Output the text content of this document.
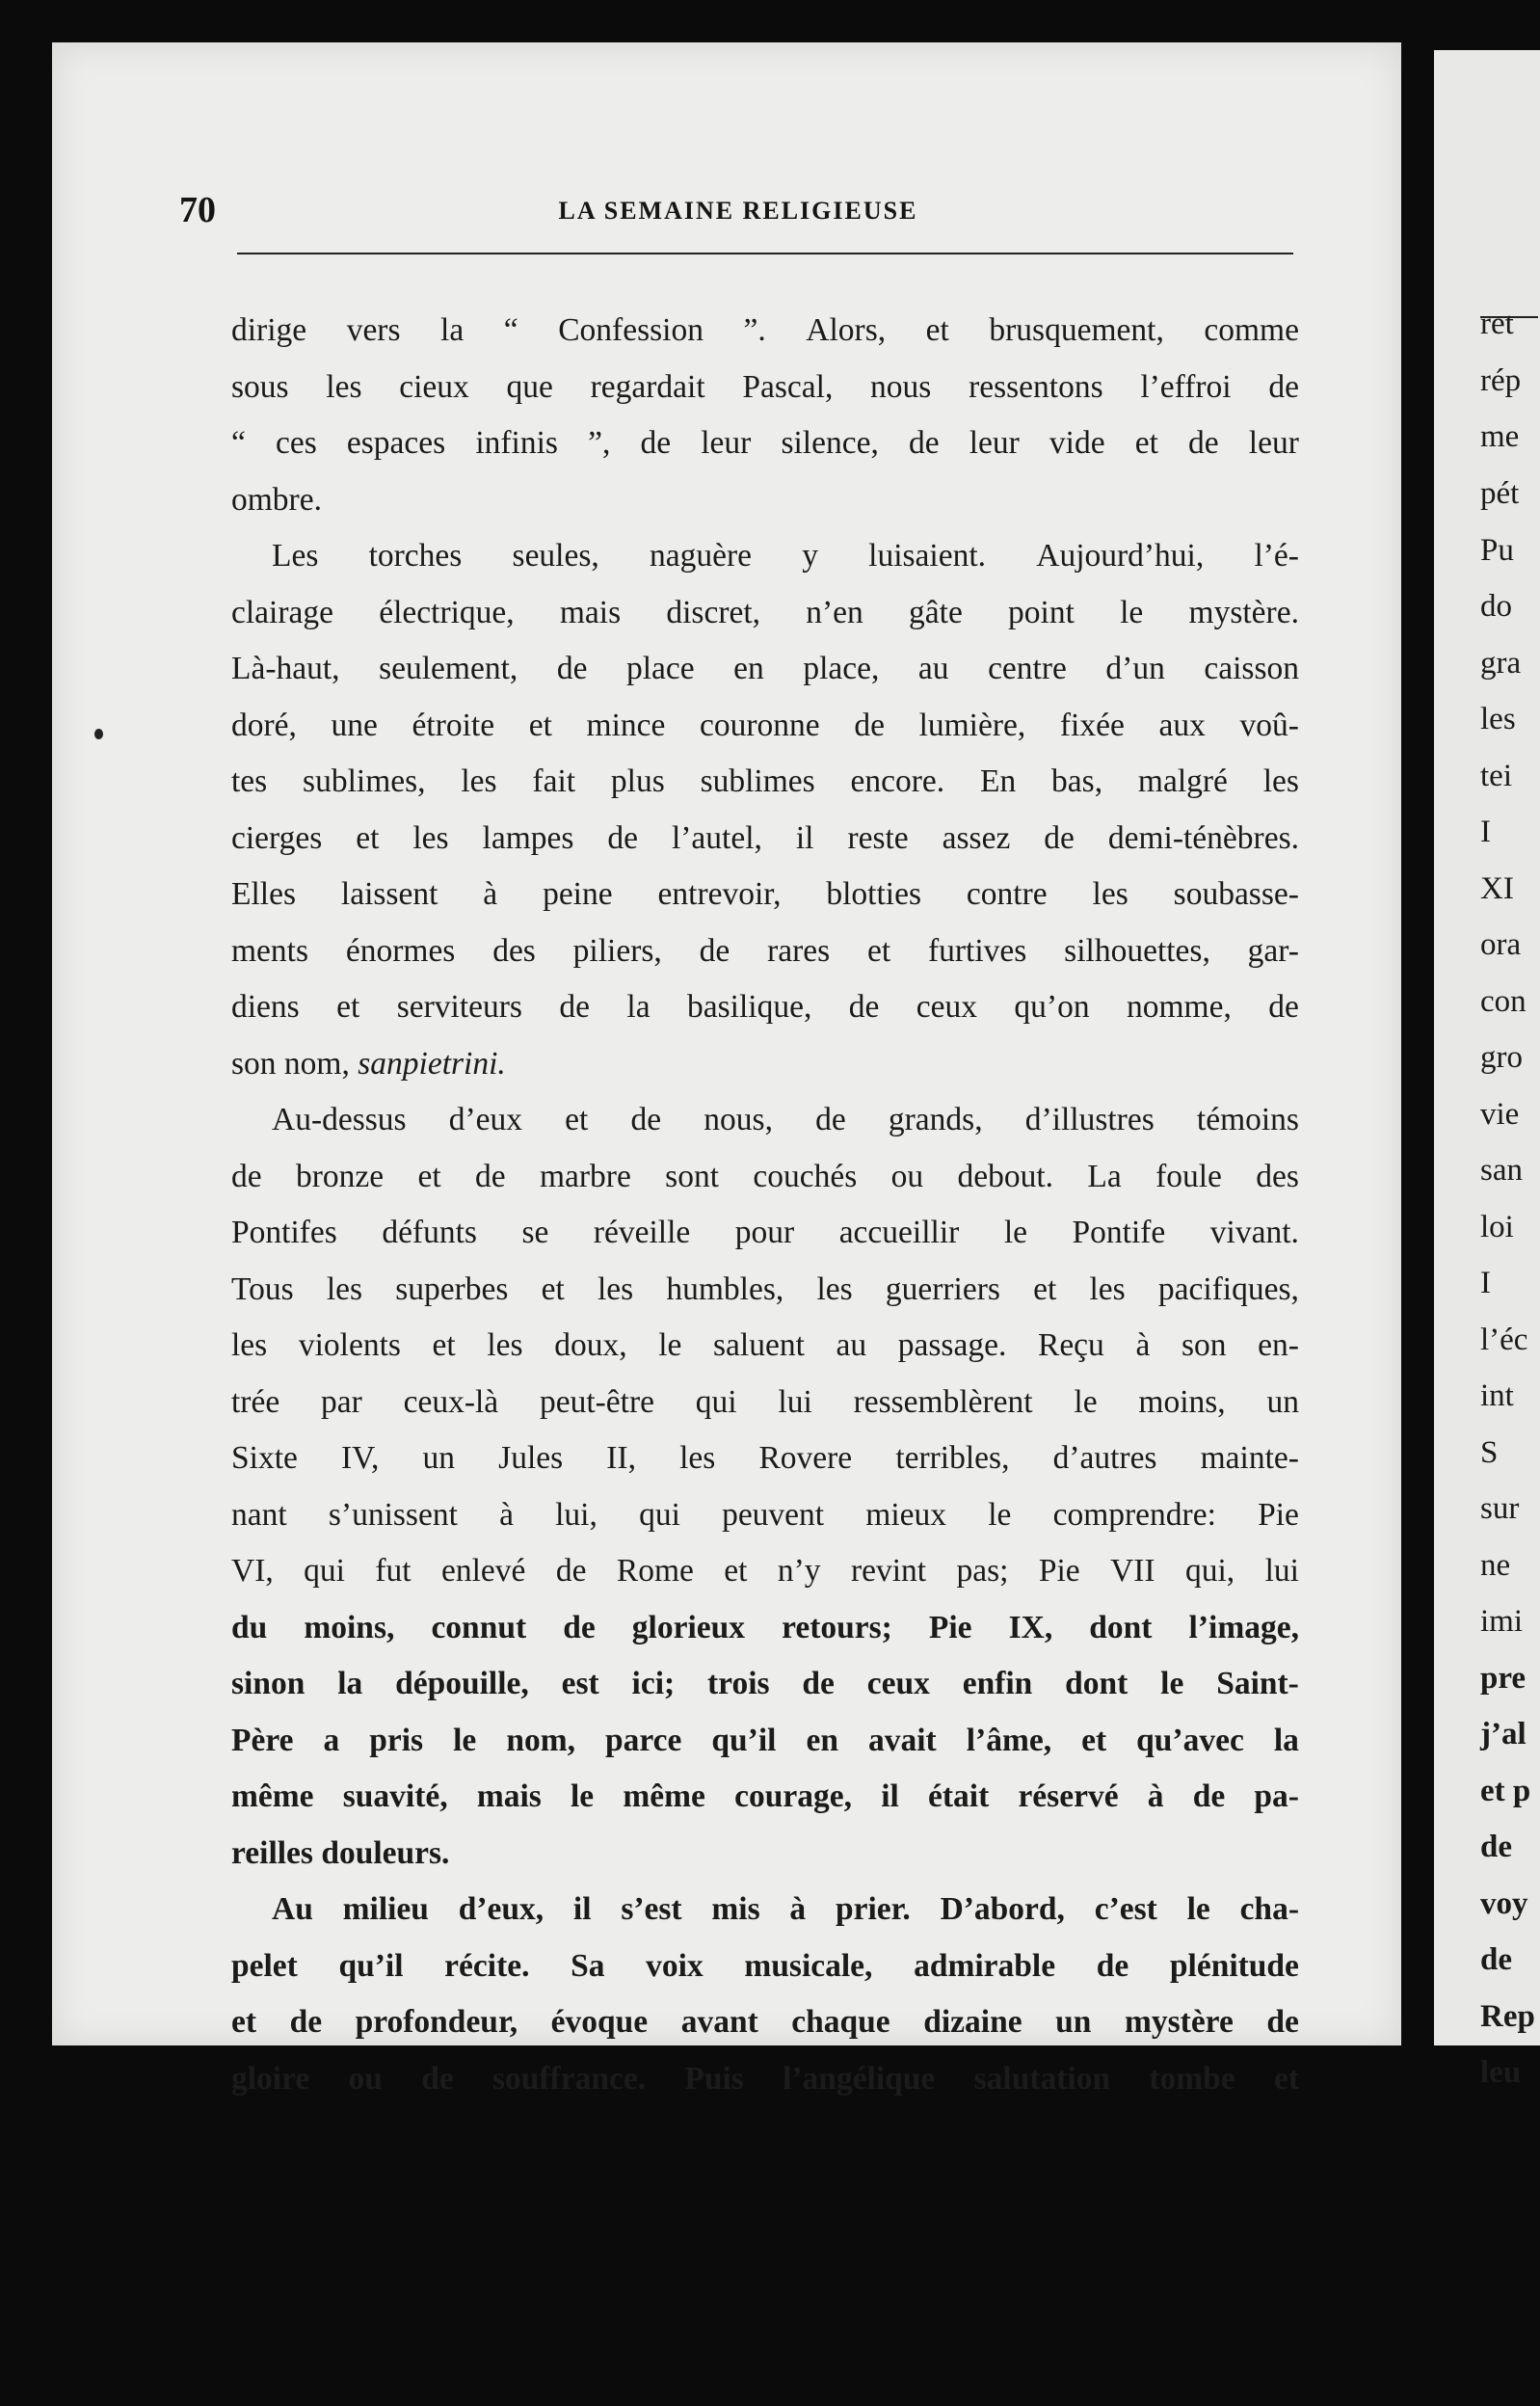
ret
rép
me
pét
Pu
do
gra
les
tei
I
XI
ora
con
gro
vie
san
loi
I
l’éc
int
S
sur
ne
imi
pre
j’al
et p
de
voy
de
Rep
leu
70	LA SEMAINE RELIGIEUSE
dirige vers la “ Confession ”. Alors, et brusquement, comme
sous les cieux que regardait Pascal, nous ressentons l’effroi de
“ ces espaces infinis ”, de leur silence, de leur vide et de leur
ombre.
Les torches seules, naguère y luisaient. Aujourd’hui, l’é-
clairage électrique, mais discret, n’en gâte point le mystère.
Là-haut, seulement, de place en place, au centre d’un caisson
doré, une étroite et mince couronne de lumière, fixée aux voû-
tes sublimes, les fait plus sublimes encore. En bas, malgré les
cierges et les lampes de l’autel, il reste assez de demi-ténèbres.
Elles laissent à peine entrevoir, blotties contre les soubasse-
ments énormes des piliers, de rares et furtives silhouettes, gar-
diens et serviteurs de la basilique, de ceux qu’on nomme, de
son nom, sanpietrini.
Au-dessus d’eux et de nous, de grands, d’illustres témoins
de bronze et de marbre sont couchés ou debout. La foule des
Pontifes défunts se réveille pour accueillir le Pontife vivant.
Tous les superbes et les humbles, les guerriers et les pacifiques,
les violents et les doux, le saluent au passage. Reçu à son en-
trée par ceux-là peut-être qui lui ressemblèrent le moins, un
Sixte IV, un Jules II, les Rovere terribles, d’autres mainte-
nant s’unissent à lui, qui peuvent mieux le comprendre: Pie
VI, qui fut enlevé de Rome et n’y revint pas; Pie VII qui, lui
du moins, connut de glorieux retours; Pie IX, dont l’image,
sinon la dépouille, est ici; trois de ceux enfin dont le Saint-
Père a pris le nom, parce qu’il en avait l’âme, et qu’avec la
même suavité, mais le même courage, il était réservé à de pa-
reilles douleurs.
Au milieu d’eux, il s’est mis à prier. D’abord, c’est le cha-
pelet qu’il récite. Sa voix musicale, admirable de plénitude
et de profondeur, évoque avant chaque dizaine un mystère de
gloire ou de souffrance. Puis l’angélique salutation tombe et
